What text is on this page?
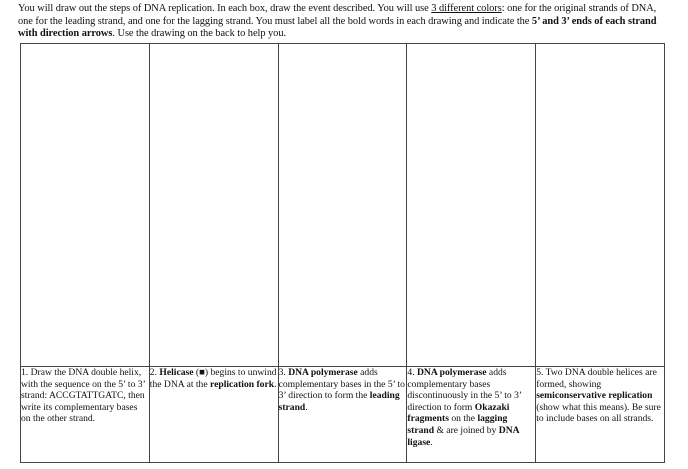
You will draw out the steps of DNA replication. In each box, draw the event described. You will use 3 different colors: one for the original strands of DNA, one for the leading strand, and one for the lagging strand. You must label all the bold words in each drawing and indicate the 5’ and 3’ ends of each strand with direction arrows. Use the drawing on the back to help you.

1. Draw the DNA double helix, with the sequence on the 5’ to 3’ strand: ACCGTATTGATC, then write its complementary bases on the other strand.	2. Helicase (■) begins to unwind the DNA at the replication fork.	3. DNA polymerase adds complementary bases in the 5’ to 3’ direction to form the leading strand.	4. DNA polymerase adds complementary bases discontinuously in the 5’ to 3’ direction to form Okazaki fragments on the lagging strand & are joined by DNA ligase.	5. Two DNA double helices are formed, showing semiconservative replication (show what this means). Be sure to include bases on all strands.
